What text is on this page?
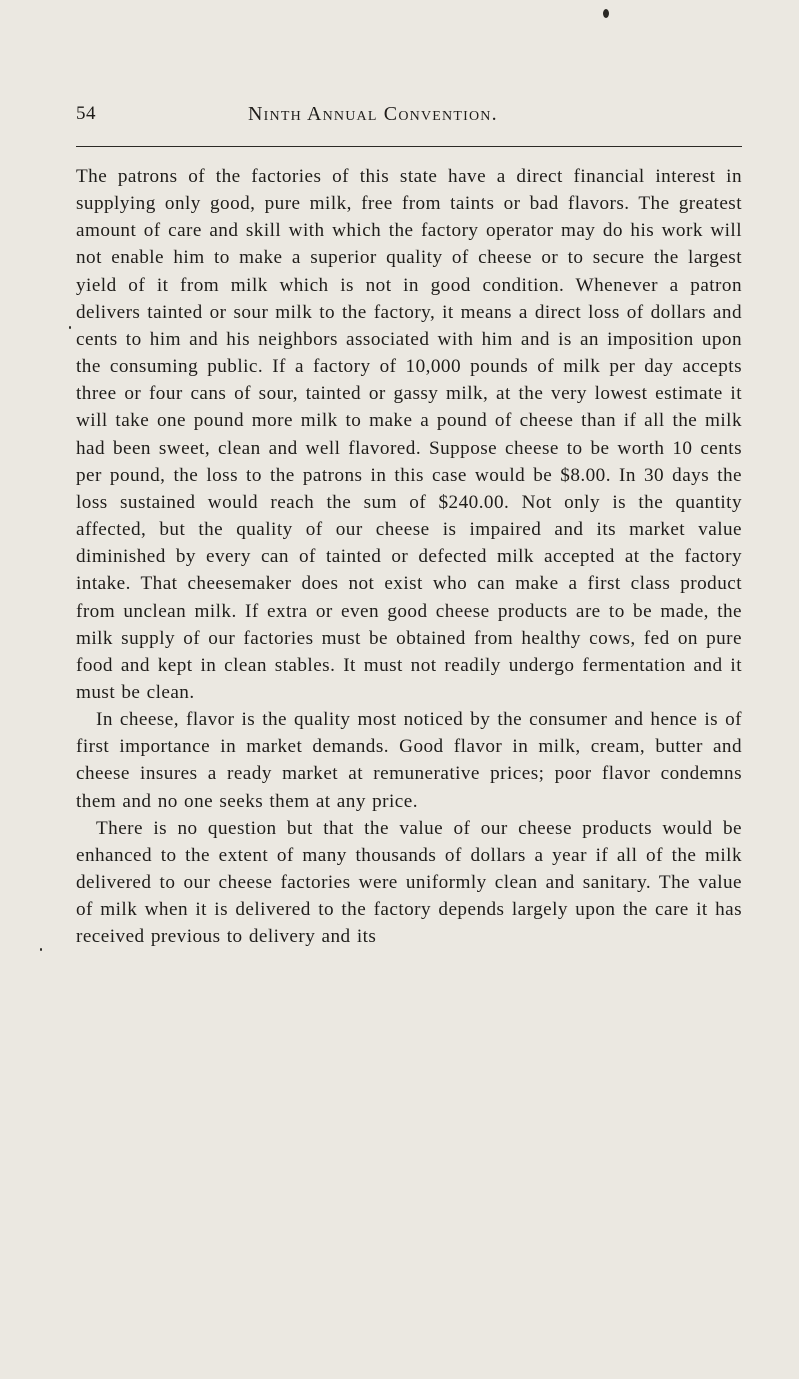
54	Ninth Annual Convention.

The patrons of the factories of this state have a direct financial interest in supplying only good, pure milk, free from taints or bad flavors. The greatest amount of care and skill with which the factory operator may do his work will not enable him to make a superior quality of cheese or to secure the largest yield of it from milk which is not in good condition. Whenever a patron delivers tainted or sour milk to the factory, it means a direct loss of dollars and cents to him and his neighbors associated with him and is an imposition upon the consuming public. If a factory of 10,000 pounds of milk per day accepts three or four cans of sour, tainted or gassy milk, at the very lowest estimate it will take one pound more milk to make a pound of cheese than if all the milk had been sweet, clean and well flavored. Suppose cheese to be worth 10 cents per pound, the loss to the patrons in this case would be $8.00. In 30 days the loss sustained would reach the sum of $240.00. Not only is the quantity affected, but the quality of our cheese is impaired and its market value diminished by every can of tainted or defected milk accepted at the factory intake. That cheesemaker does not exist who can make a first class product from unclean milk. If extra or even good cheese products are to be made, the milk supply of our factories must be obtained from healthy cows, fed on pure food and kept in clean stables. It must not readily undergo fermentation and it must be clean.

In cheese, flavor is the quality most noticed by the consumer and hence is of first importance in market demands. Good flavor in milk, cream, butter and cheese insures a ready market at remunerative prices; poor flavor condemns them and no one seeks them at any price.

There is no question but that the value of our cheese products would be enhanced to the extent of many thousands of dollars a year if all of the milk delivered to our cheese factories were uniformly clean and sanitary. The value of milk when it is delivered to the factory depends largely upon the care it has received previous to delivery and its
